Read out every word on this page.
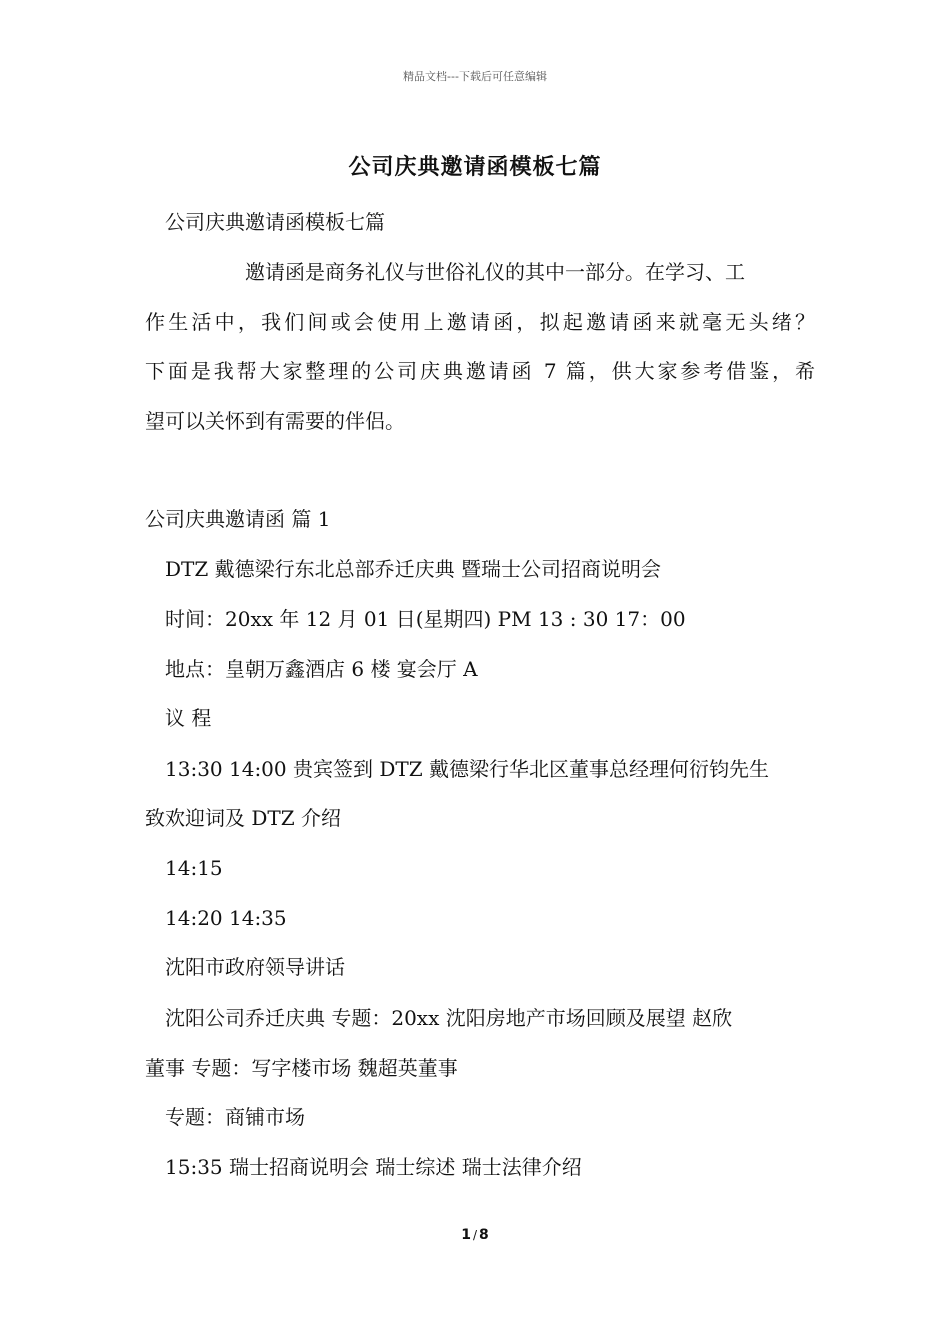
精品文档---下载后可任意编辑
公司庆典邀请函模板七篇
公司庆典邀请函模板七篇
邀请函是商务礼仪与世俗礼仪的其中一部分。在学习、工
作生活中，我们间或会使用上邀请函，拟起邀请函来就毫无头绪？
下面是我帮大家整理的公司庆典邀请函 7 篇，供大家参考借鉴，希
望可以关怀到有需要的伴侣。
公司庆典邀请函 篇 1
DTZ 戴德梁行东北总部乔迁庆典 暨瑞士公司招商说明会
时间：20xx 年 12 月 01 日(星期四) PM 13 : 30 17：00
地点：皇朝万鑫酒店 6 楼 宴会厅 A
议 程
13:30 14:00 贵宾签到 DTZ 戴德梁行华北区董事总经理何衍钧先生
致欢迎词及 DTZ 介绍
14:15
14:20 14:35
沈阳市政府领导讲话
沈阳公司乔迁庆典 专题：20xx 沈阳房地产市场回顾及展望 赵欣
董事 专题：写字楼市场 魏超英董事
专题：商铺市场
15:35 瑞士招商说明会 瑞士综述 瑞士法律介绍
1 / 8
